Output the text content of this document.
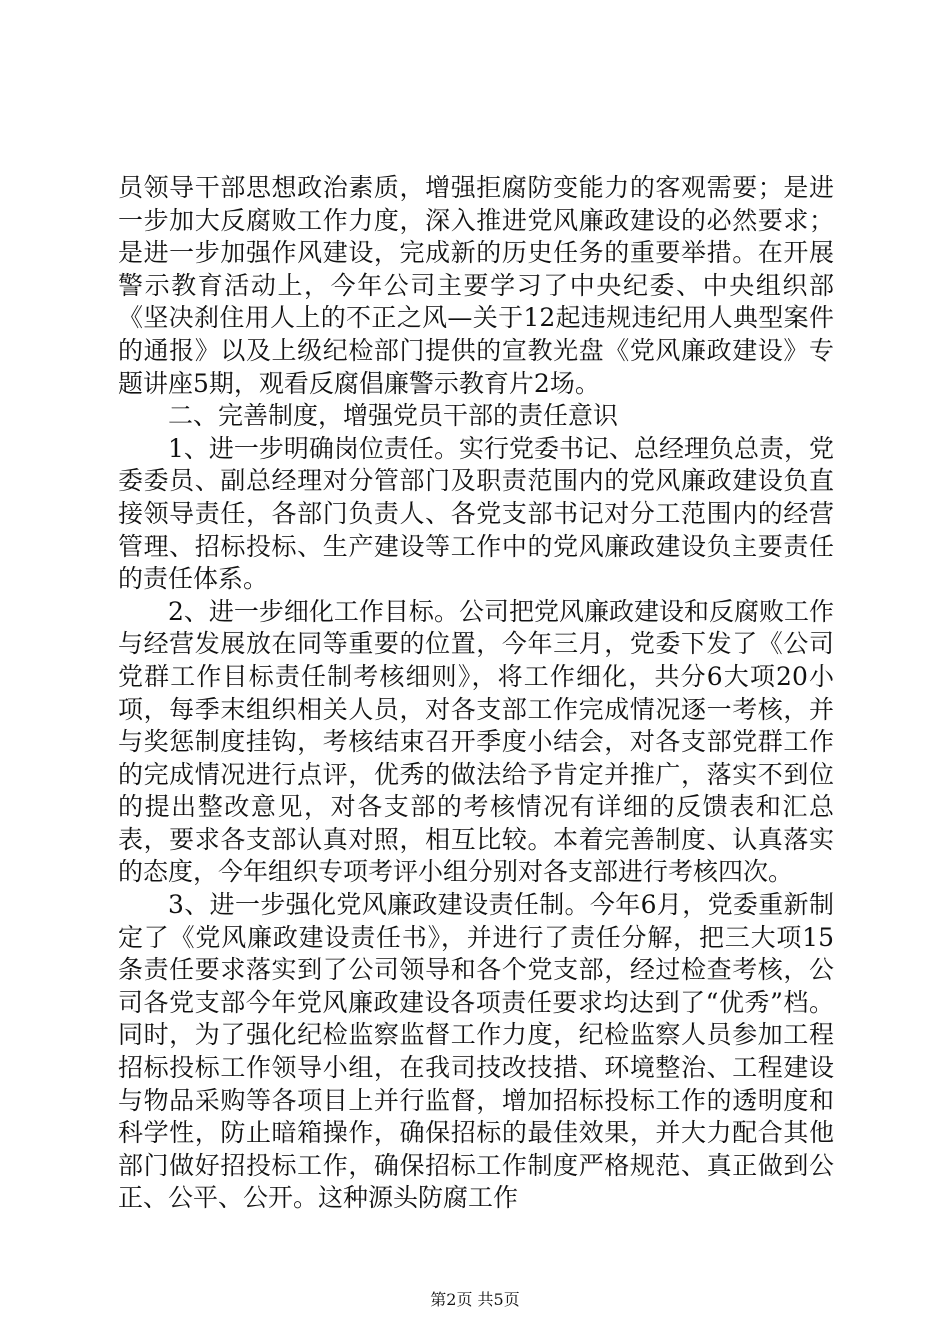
员领导干部思想政治素质，增强拒腐防变能力的客观需要；是进一步加大反腐败工作力度，深入推进党风廉政建设的必然要求；是进一步加强作风建设，完成新的历史任务的重要举措。在开展警示教育活动上，今年公司主要学习了中央纪委、中央组织部《坚决刹住用人上的不正之风—关于12起违规违纪用人典型案件的通报》以及上级纪检部门提供的宣教光盘《党风廉政建设》专题讲座5期，观看反腐倡廉警示教育片2场。

二、完善制度，增强党员干部的责任意识

1、进一步明确岗位责任。实行党委书记、总经理负总责，党委委员、副总经理对分管部门及职责范围内的党风廉政建设负直接领导责任，各部门负责人、各党支部书记对分工范围内的经营管理、招标投标、生产建设等工作中的党风廉政建设负主要责任的责任体系。

2、进一步细化工作目标。公司把党风廉政建设和反腐败工作与经营发展放在同等重要的位置，今年三月，党委下发了《公司党群工作目标责任制考核细则》，将工作细化，共分6大项20小项，每季末组织相关人员，对各支部工作完成情况逐一考核，并与奖惩制度挂钩，考核结束召开季度小结会，对各支部党群工作的完成情况进行点评，优秀的做法给予肯定并推广，落实不到位的提出整改意见，对各支部的考核情况有详细的反馈表和汇总表，要求各支部认真对照，相互比较。本着完善制度、认真落实的态度，今年组织专项考评小组分别对各支部进行考核四次。

3、进一步强化党风廉政建设责任制。今年6月，党委重新制定了《党风廉政建设责任书》，并进行了责任分解，把三大项15条责任要求落实到了公司领导和各个党支部，经过检查考核，公司各党支部今年党风廉政建设各项责任要求均达到了“优秀”档。同时，为了强化纪检监察监督工作力度，纪检监察人员参加工程招标投标工作领导小组，在我司技改技措、环境整治、工程建设与物品采购等各项目上并行监督，增加招标投标工作的透明度和科学性，防止暗箱操作，确保招标的最佳效果，并大力配合其他部门做好招投标工作，确保招标工作制度严格规范、真正做到公正、公平、公开。这种源头防腐工作

第2页 共5页
